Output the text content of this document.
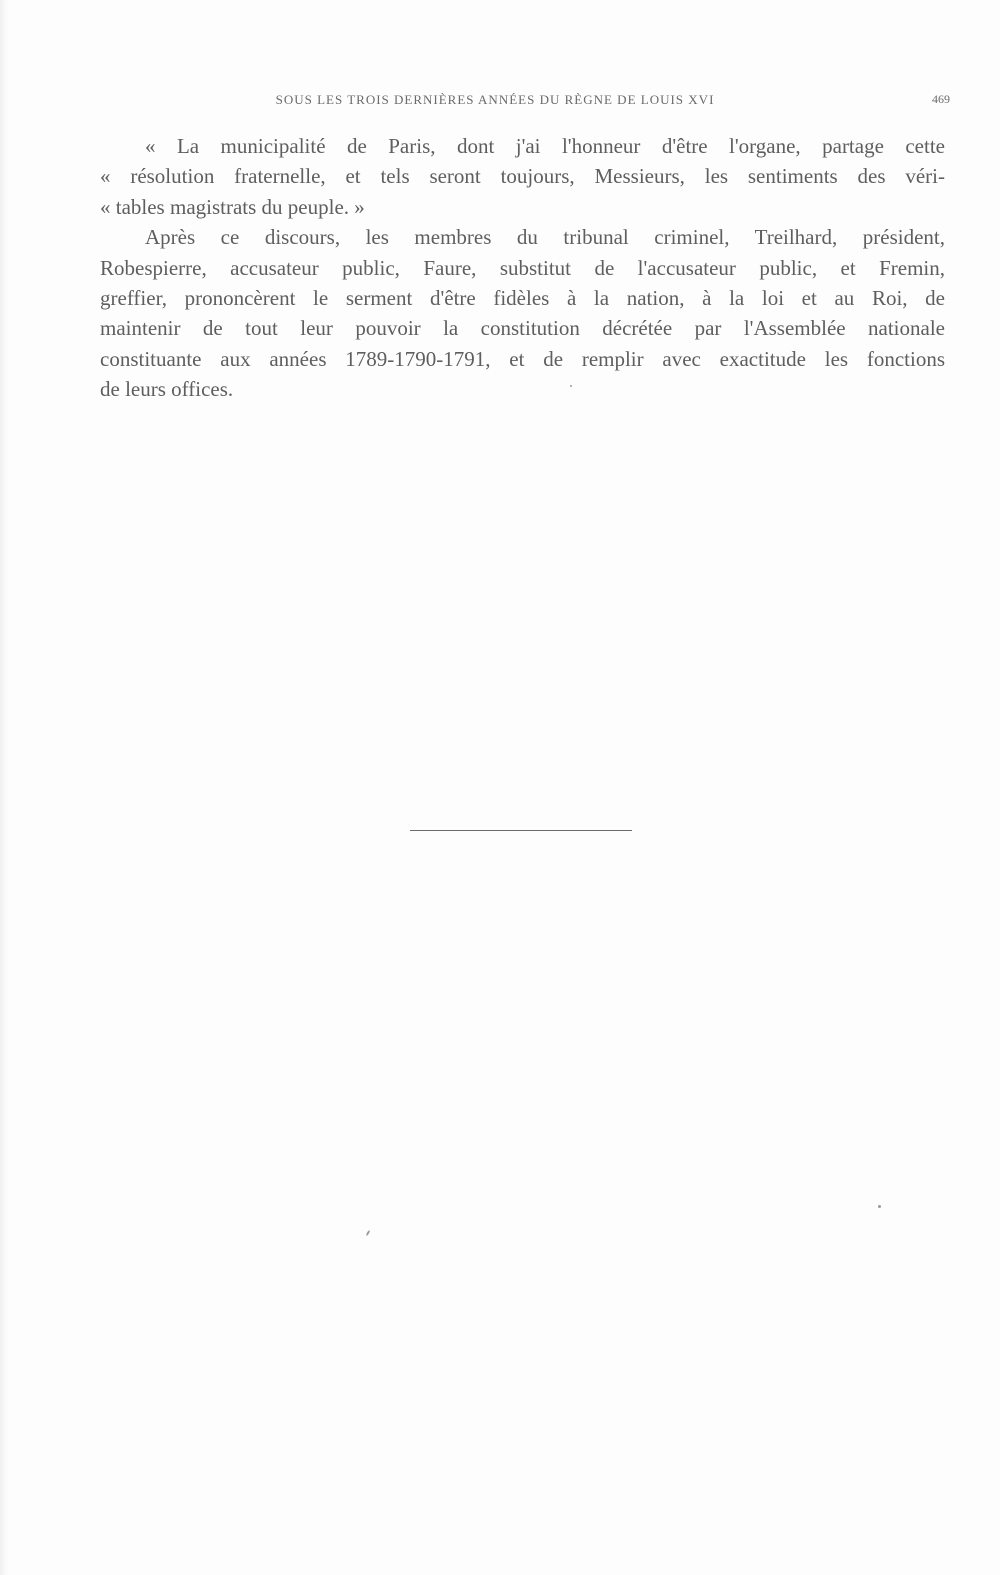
SOUS LES TROIS DERNIÈRES ANNÉES DU RÈGNE DE LOUIS XVI	469
« La municipalité de Paris, dont j'ai l'honneur d'être l'organe, partage cette
« résolution fraternelle, et tels seront toujours, Messieurs, les sentiments des véri-
« tables magistrats du peuple. »
Après ce discours, les membres du tribunal criminel, Treilhard, président,
Robespierre, accusateur public, Faure, substitut de l'accusateur public, et Fremin,
greffier, prononcèrent le serment d'être fidèles à la nation, à la loi et au Roi, de
maintenir de tout leur pouvoir la constitution décrétée par l'Assemblée nationale
constituante aux années 1789-1790-1791, et de remplir avec exactitude les fonctions
de leurs offices.
